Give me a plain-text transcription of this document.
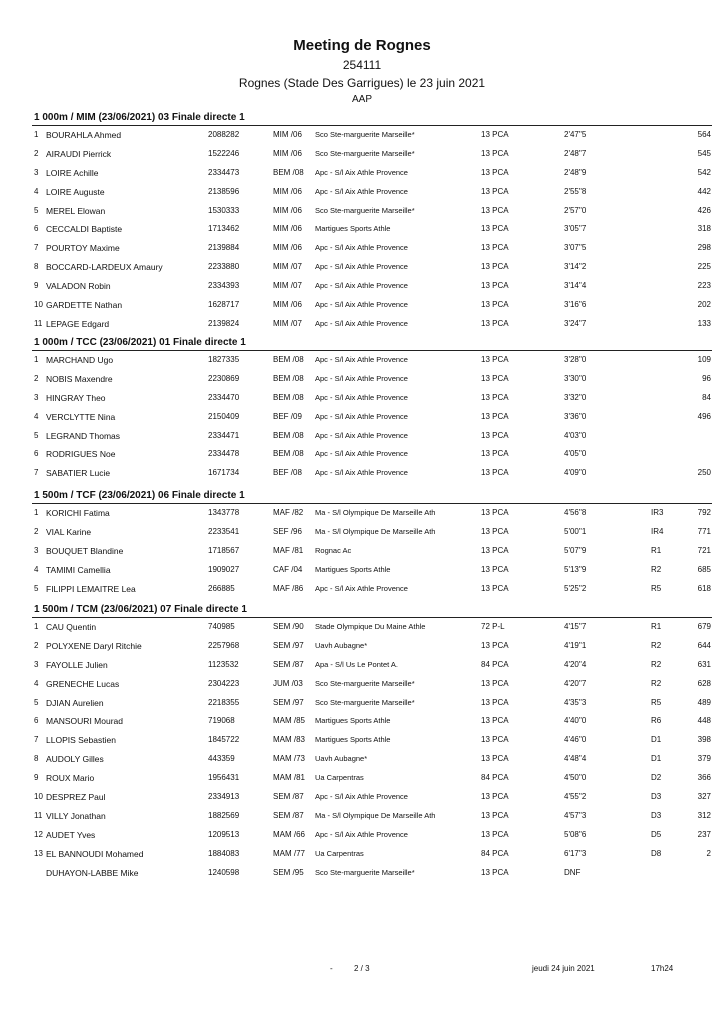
Meeting de Rognes
254111
Rognes (Stade Des Garrigues) le 23 juin 2021
AAP
1 000m / MIM (23/06/2021) 03 Finale directe 1
1 BOURAHLA Ahmed	2088282	MIM /06 Sco Ste-marguerite Marseille*	13 PCA	2'47''5	564
2 AIRAUDI Pierrick	1522246	MIM /06 Sco Ste-marguerite Marseille*	13 PCA	2'48''7	545
3 LOIRE Achille	2334473	BEM /08 Apc - S/l Aix Athle Provence	13 PCA	2'48''9	542
4 LOIRE Auguste	2138596	MIM /06 Apc - S/l Aix Athle Provence	13 PCA	2'55''8	442
5 MEREL Elowan	1530333	MIM /06 Sco Ste-marguerite Marseille*	13 PCA	2'57''0	426
6 CECCALDI Baptiste	1713462	MIM /06 Martigues Sports Athle	13 PCA	3'05''7	318
7 POURTOY Maxime	2139884	MIM /06 Apc - S/l Aix Athle Provence	13 PCA	3'07''5	298
8 BOCCARD-LARDEUX Amaury	2233880	MIM /07 Apc - S/l Aix Athle Provence	13 PCA	3'14''2	225
9 VALADON Robin	2334393	MIM /07 Apc - S/l Aix Athle Provence	13 PCA	3'14''4	223
10 GARDETTE Nathan	1628717	MIM /06 Apc - S/l Aix Athle Provence	13 PCA	3'16''6	202
11 LEPAGE Edgard	2139824	MIM /07 Apc - S/l Aix Athle Provence	13 PCA	3'24''7	133
1 000m / TCC (23/06/2021) 01 Finale directe 1
1 MARCHAND Ugo	1827335	BEM /08 Apc - S/l Aix Athle Provence	13 PCA	3'28''0	109
2 NOBIS Maxendre	2230869	BEM /08 Apc - S/l Aix Athle Provence	13 PCA	3'30''0	96
3 HINGRAY Theo	2334470	BEM /08 Apc - S/l Aix Athle Provence	13 PCA	3'32''0	84
4 VERCLYTTE Nina	2150409	BEF /09 Apc - S/l Aix Athle Provence	13 PCA	3'36''0	496
5 LEGRAND Thomas	2334471	BEM /08 Apc - S/l Aix Athle Provence	13 PCA	4'03''0
6 RODRIGUES Noe	2334478	BEM /08 Apc - S/l Aix Athle Provence	13 PCA	4'05''0
7 SABATIER Lucie	1671734	BEF /08 Apc - S/l Aix Athle Provence	13 PCA	4'09''0	250
1 500m / TCF (23/06/2021) 06 Finale directe 1
1 KORICHI Fatima	1343778	MAF /82 Ma - S/l Olympique De Marseille Ath	13 PCA	4'56''8	IR3	792
2 VIAL Karine	2233541	SEF /96 Ma - S/l Olympique De Marseille Ath	13 PCA	5'00''1	IR4	771
3 BOUQUET Blandine	1718567	MAF /81 Rognac Ac	13 PCA	5'07''9	R1	721
4 TAMIMI Camellia	1909027	CAF /04 Martigues Sports Athle	13 PCA	5'13''9	R2	685
5 FILIPPI LEMAITRE Lea	266885	MAF /86 Apc - S/l Aix Athle Provence	13 PCA	5'25''2	R5	618
1 500m / TCM (23/06/2021) 07 Finale directe 1
1 CAU Quentin	740985	SEM /90 Stade Olympique Du Maine Athle	72 P-L	4'15''7	R1	679
2 POLYXENE Daryl Ritchie	2257968	SEM /97 Uavh Aubagne*	13 PCA	4'19''1	R2	644
3 FAYOLLE Julien	1123532	SEM /87 Apa - S/l Us Le Pontet A.	84 PCA	4'20''4	R2	631
4 GRENECHE Lucas	2304223	JUM /03 Sco Ste-marguerite Marseille*	13 PCA	4'20''7	R2	628
5 DJIAN Aurelien	2218355	SEM /97 Sco Ste-marguerite Marseille*	13 PCA	4'35''3	R5	489
6 MANSOURI Mourad	719068	MAM /85 Martigues Sports Athle	13 PCA	4'40''0	R6	448
7 LLOPIS Sebastien	1845722	MAM /83 Martigues Sports Athle	13 PCA	4'46''0	D1	398
8 AUDOLY Gilles	443359	MAM /73 Uavh Aubagne*	13 PCA	4'48''4	D1	379
9 ROUX Mario	1956431	MAM /81 Ua Carpentras	84 PCA	4'50''0	D2	366
10 DESPREZ Paul	2334913	SEM /87 Apc - S/l Aix Athle Provence	13 PCA	4'55''2	D3	327
11 VILLY Jonathan	1882569	SEM /87 Ma - S/l Olympique De Marseille Ath	13 PCA	4'57''3	D3	312
12 AUDET Yves	1209513	MAM /66 Apc - S/l Aix Athle Provence	13 PCA	5'08''6	D5	237
13 EL BANNOUDI Mohamed	1884083	MAM /77 Ua Carpentras	84 PCA	6'17''3	D8	2
DUHAYON-LABBE Mike	1240598	SEM /95 Sco Ste-marguerite Marseille*	13 PCA	DNF
-	2 / 3	jeudi 24 juin 2021	17h24
